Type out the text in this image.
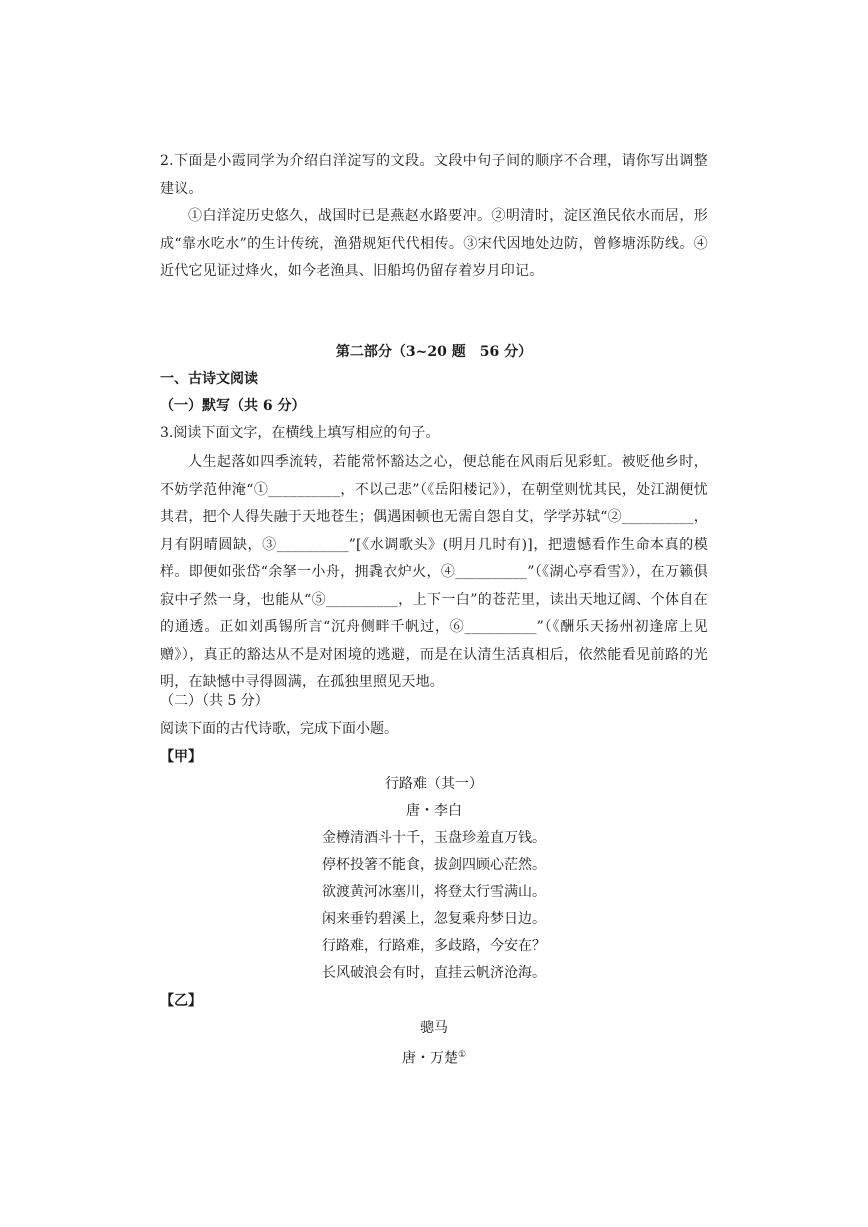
2.下面是小霞同学为介绍白洋淀写的文段。文段中句子间的顺序不合理，请你写出调整建议。

①白洋淀历史悠久，战国时已是燕赵水路要冲。②明清时，淀区渔民依水而居，形成“靠水吃水”的生计传统，渔猎规矩代代相传。③宋代因地处边防，曾修塘泺防线。④近代它见证过烽火，如今老渔具、旧船坞仍留存着岁月印记。

第二部分（3~20 题　56 分）
一、古诗文阅读
（一）默写（共 6 分）
3.阅读下面文字，在横线上填写相应的句子。

人生起落如四季流转，若能常怀豁达之心，便总能在风雨后见彩虹。被贬他乡时，不妨学范仲淹“①__________，不以己悲”（《岳阳楼记》），在朝堂则忧其民，处江湖便忧其君，把个人得失融于天地苍生；偶遇困顿也无需自怨自艾，学学苏轼“②__________，月有阴晴圆缺，③__________”[《水调歌头》(明月几时有)]，把遗憾看作生命本真的模样。即便如张岱“余拏一小舟，拥毳衣炉火，④__________”（《湖心亭看雪》），在万籁俱寂中孑然一身，也能从“⑤__________，上下一白”的苍茫里，读出天地辽阔、个体自在的通透。正如刘禹锡所言“沉舟侧畔千帆过，⑥__________”（《酬乐天扬州初逢席上见赠》），真正的豁达从不是对困境的逃避，而是在认清生活真相后，依然能看见前路的光明，在缺憾中寻得圆满，在孤独里照见天地。

（二）（共 5 分）
阅读下面的古代诗歌，完成下面小题。
【甲】
行路难（其一）
唐・李白
金樽清酒斗十千，玉盘珍羞直万钱。
停杯投箸不能食，拔剑四顾心茫然。
欲渡黄河冰塞川，将登太行雪满山。
闲来垂钓碧溪上，忽复乘舟梦日边。
行路难，行路难，多歧路，今安在？
长风破浪会有时，直挂云帆济沧海。
【乙】
骢马
唐・万楚①
